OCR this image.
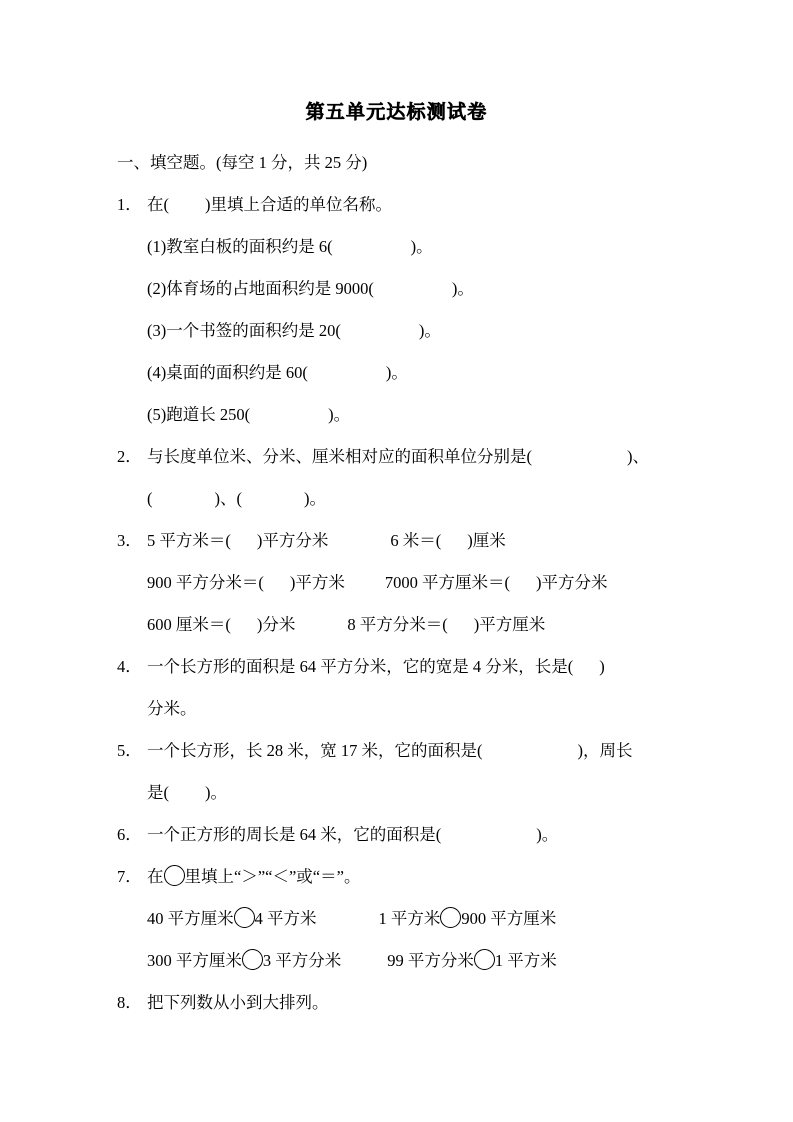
第五单元达标测试卷
一、填空题。(每空 1 分，共 25 分)
1． 在( )里填上合适的单位名称。
(1)教室白板的面积约是 6(	)。
(2)体育场的占地面积约是 9000(	)。
(3)一个书签的面积约是 20(	)。
(4)桌面的面积约是 60(	)。
(5)跑道长 250(	)。
2． 与长度单位米、分米、厘米相对应的面积单位分别是(	)、
(	)、(	)。
3． 5 平方米＝( )平方分米	6 米＝( )厘米
900 平方分米＝( )平方米 7000 平方厘米＝( )平方分米
600 厘米＝( )分米	8 平方分米＝( )平方厘米
4． 一个长方形的面积是 64 平方分米，它的宽是 4 分米，长是( )
分米。
5． 一个长方形，长 28 米，宽 17 米，它的面积是(	)，周长
是( )。
6． 一个正方形的周长是 64 米，它的面积是(	)。
7． 在 里填上“＞”“＜”或“＝”。
40 平方厘米 4 平方米	1 平方米 900 平方厘米
300 平方厘米 3 平方分米	99 平方分米 1 平方米
8． 把下列数从小到大排列。
